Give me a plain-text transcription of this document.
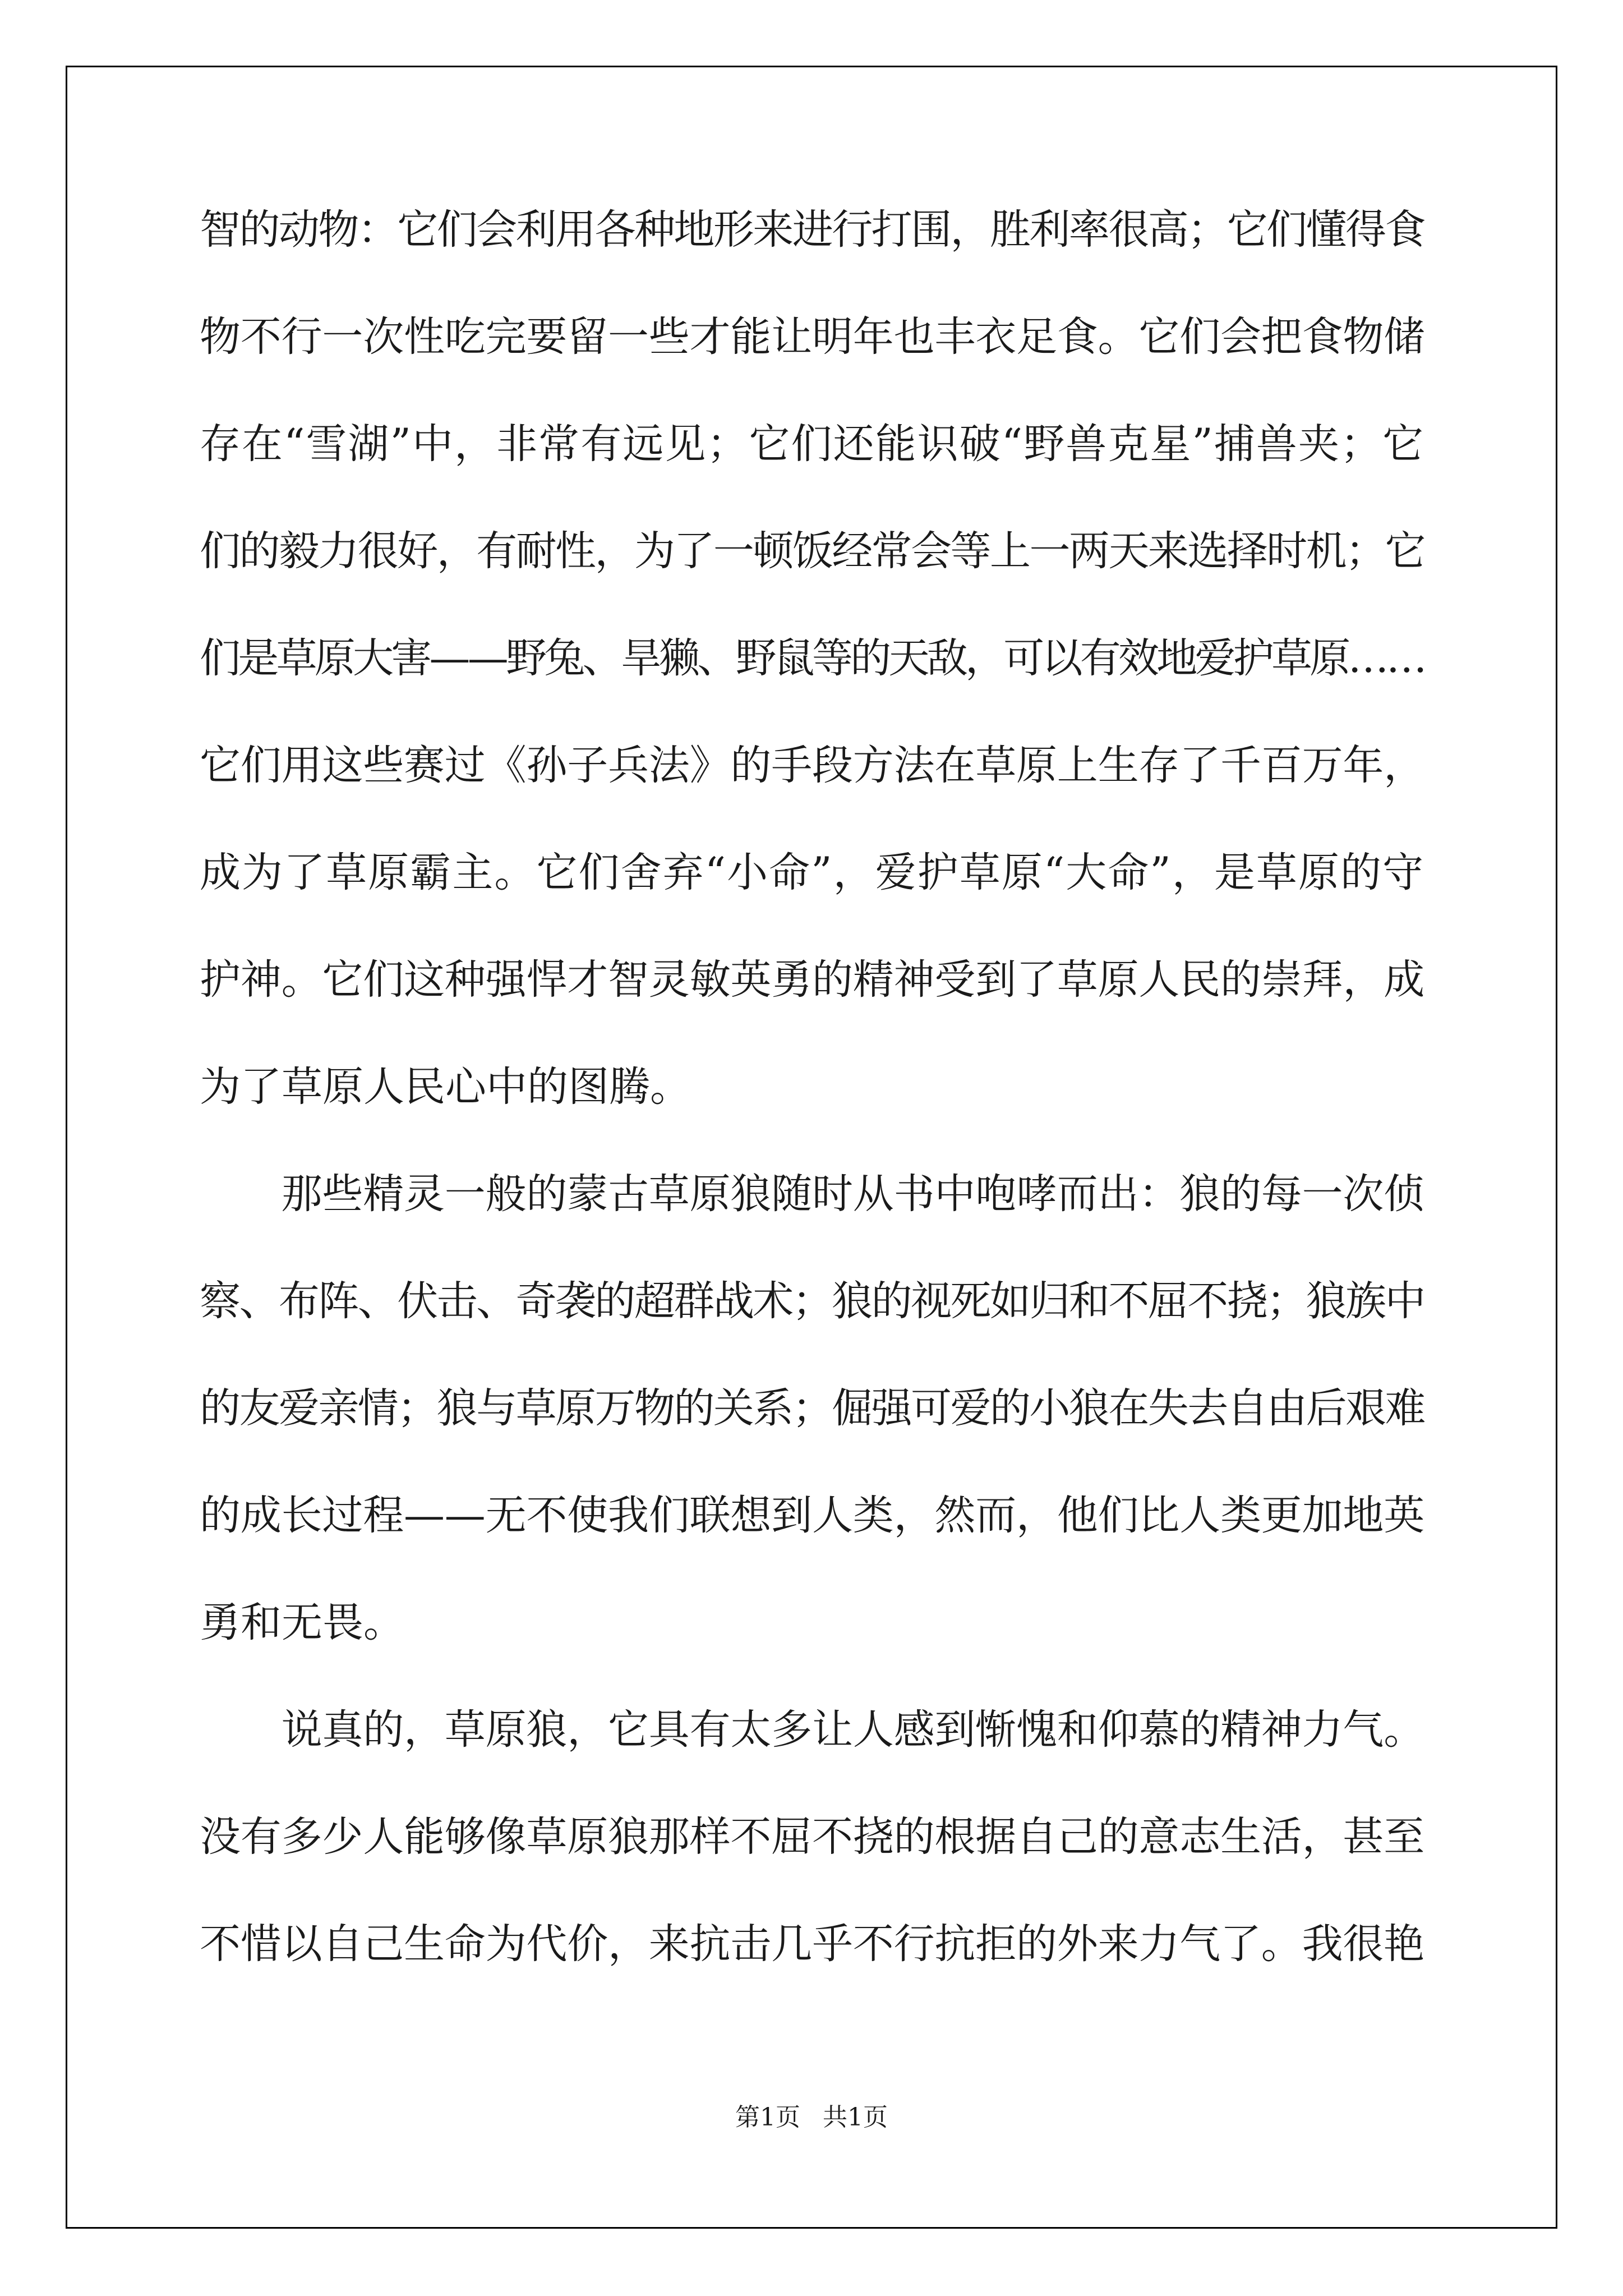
智的动物：它们会利用各种地形来进行打围，胜利率很高；它们懂得食
物不行一次性吃完要留一些才能让明年也丰衣足食。它们会把食物储
存在“雪湖”中，非常有远见；它们还能识破“野兽克星”捕兽夹；它
们的毅力很好，有耐性，为了一顿饭经常会等上一两天来选择时机；它
们是草原大害——野兔、旱獭、野鼠等的天敌，可以有效地爱护草原……
它们用这些赛过《孙子兵法》的手段方法在草原上生存了千百万年，
成为了草原霸主。它们舍弃“小命”，爱护草原“大命”，是草原的守
护神。它们这种强悍才智灵敏英勇的精神受到了草原人民的崇拜，成
为了草原人民心中的图腾。
　　那些精灵一般的蒙古草原狼随时从书中咆哮而出：狼的每一次侦
察、布阵、伏击、奇袭的超群战术；狼的视死如归和不屈不挠；狼族中
的友爱亲情；狼与草原万物的关系；倔强可爱的小狼在失去自由后艰难
的成长过程——无不使我们联想到人类，然而，他们比人类更加地英
勇和无畏。
　　说真的，草原狼，它具有太多让人感到惭愧和仰慕的精神力气。
没有多少人能够像草原狼那样不屈不挠的根据自己的意志生活，甚至
不惜以自己生命为代价，来抗击几乎不行抗拒的外来力气了。我很艳
第1页 共1页
